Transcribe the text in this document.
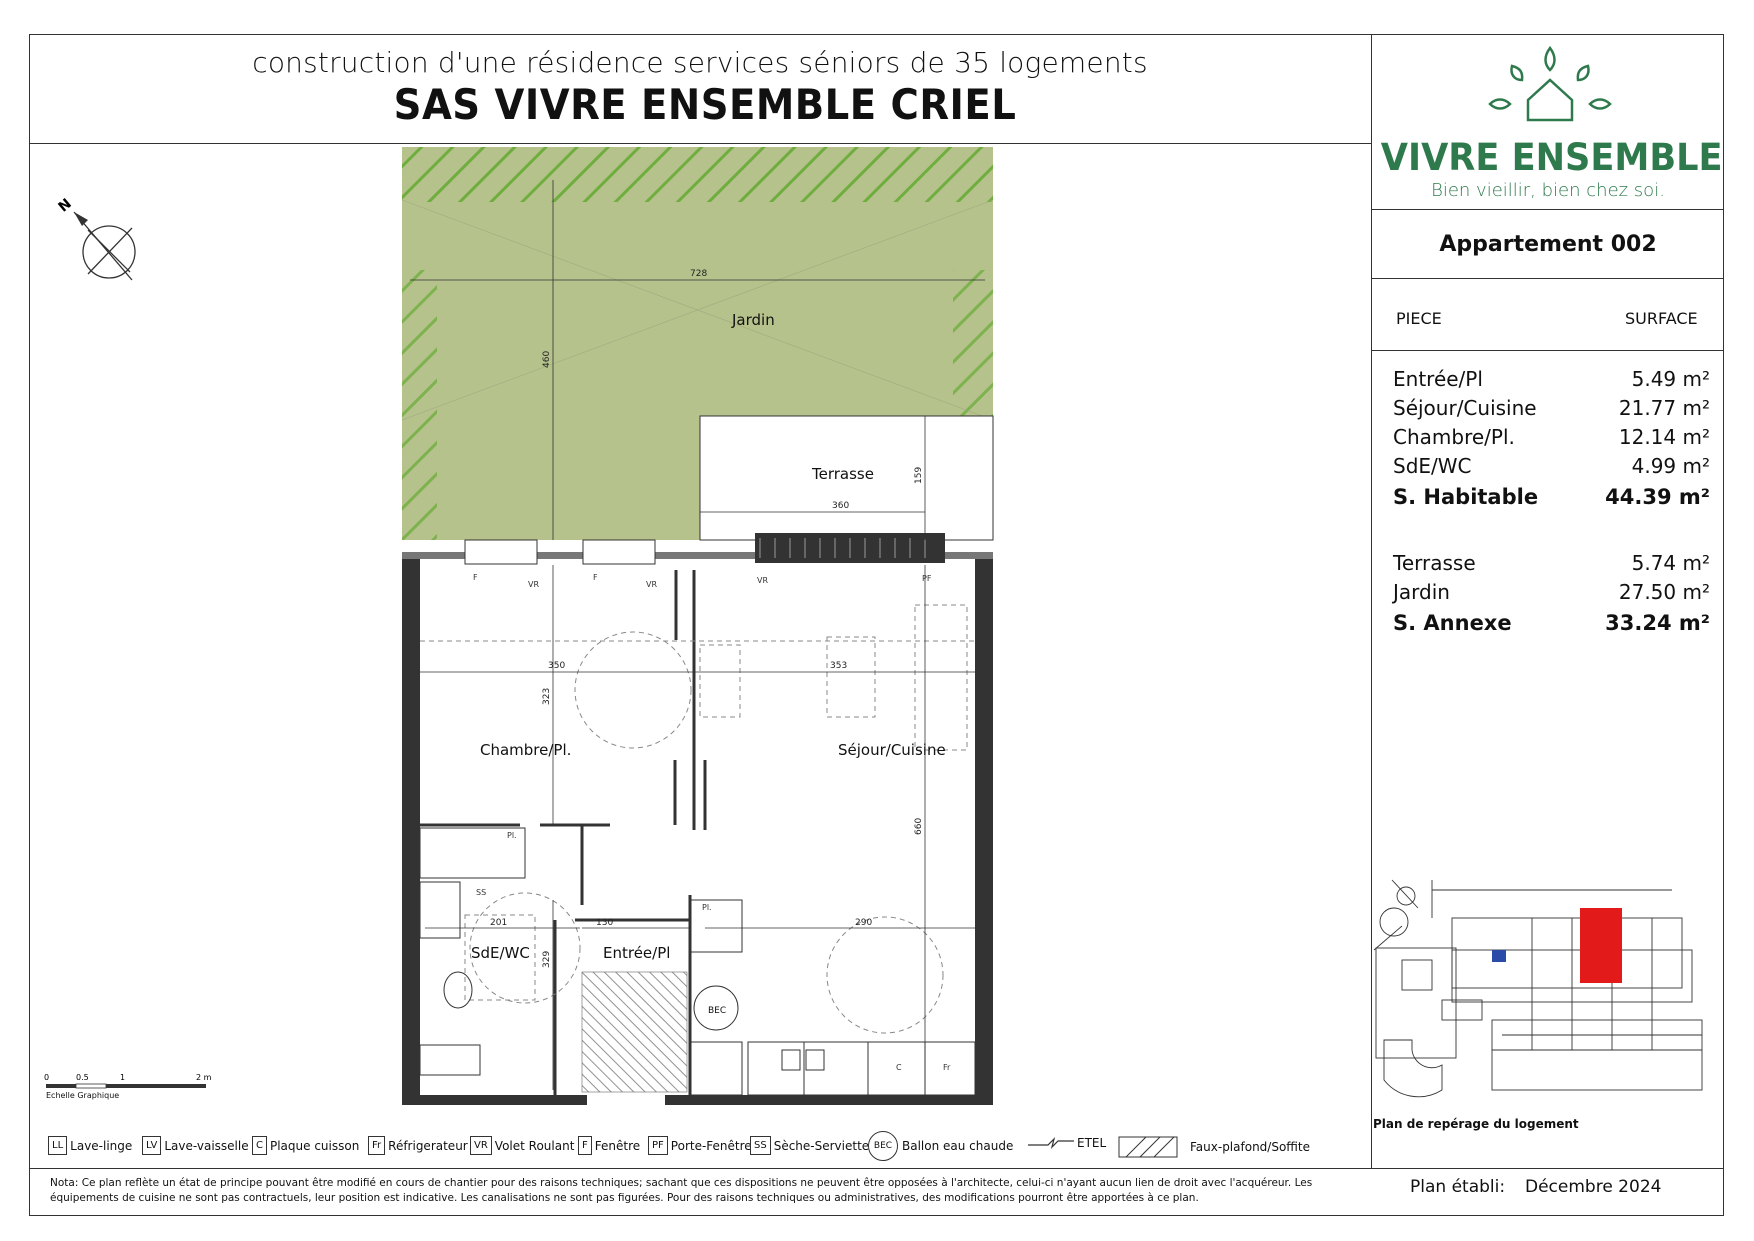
construction d'une résidence services séniors de 35 logements
SAS VIVRE ENSEMBLE CRIEL
VIVRE ENSEMBLE
Bien vieillir, bien chez soi.
Appartement 002
PIECE	SURFACE
Entrée/Pl	5.49 m²
Séjour/Cuisine	21.77 m²
Chambre/Pl.	12.14 m²
SdE/WC	4.99 m²
S. Habitable	44.39 m²
Terrasse	5.74 m²
Jardin	27.50 m²
S. Annexe	33.24 m²
N
728
460
159
360
350	353
323
660
201	130	290
329
Pl.
SS
Pl.
F
VR
F
VR	VR	PF
C	Fr
Jardin
Terrasse
Chambre/Pl.	Séjour/Cuisine
SdE/WC	Entrée/Pl
BEC
0	0.5	1	2 m
Echelle Graphique
Plan de repérage du logement
LL Lave-linge	LV Lave-vaisselle C Plaque cuisson	Fr Réfrigerateur VR Volet Roulant F Fenêtre	PF Porte-Fenêtre SS Sèche-Serviette BEC Ballon eau chaude	ETEL	Faux-plafond/Soffite
Nota: Ce plan reflète un état de principe pouvant être modifié en cours de chantier pour des raisons techniques; sachant que ces dispositions ne peuvent être opposées à l'architecte, celui-ci n'ayant aucun lien de droit avec l'acquéreur. Les équipements de cuisine ne sont pas contractuels, leur position est indicative. Les canalisations ne sont pas figurées. Pour des raisons techniques ou administratives, des modifications pourront être apportées à ce plan.
Plan établi: Décembre 2024
